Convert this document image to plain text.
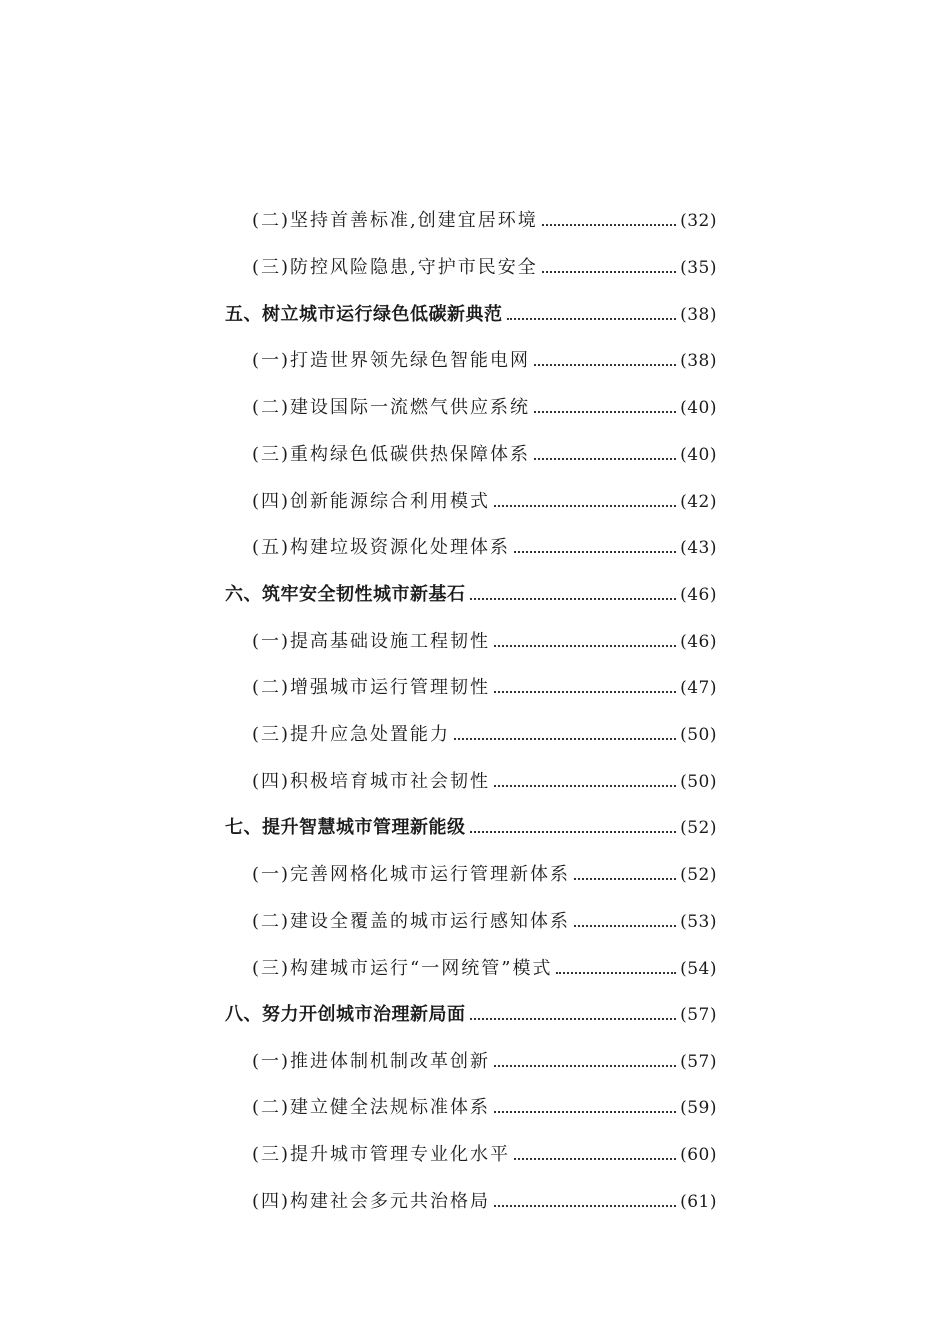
(二)坚持首善标准,创建宜居环境	(32)
(三)防控风险隐患,守护市民安全	(35)
五、树立城市运行绿色低碳新典范	(38)
(一)打造世界领先绿色智能电网	(38)
(二)建设国际一流燃气供应系统	(40)
(三)重构绿色低碳供热保障体系	(40)
(四)创新能源综合利用模式	(42)
(五)构建垃圾资源化处理体系	(43)
六、筑牢安全韧性城市新基石	(46)
(一)提高基础设施工程韧性	(46)
(二)增强城市运行管理韧性	(47)
(三)提升应急处置能力	(50)
(四)积极培育城市社会韧性	(50)
七、提升智慧城市管理新能级	(52)
(一)完善网格化城市运行管理新体系	(52)
(二)建设全覆盖的城市运行感知体系	(53)
(三)构建城市运行“一网统管”模式	(54)
八、努力开创城市治理新局面	(57)
(一)推进体制机制改革创新	(57)
(二)建立健全法规标准体系	(59)
(三)提升城市管理专业化水平	(60)
(四)构建社会多元共治格局	(61)
